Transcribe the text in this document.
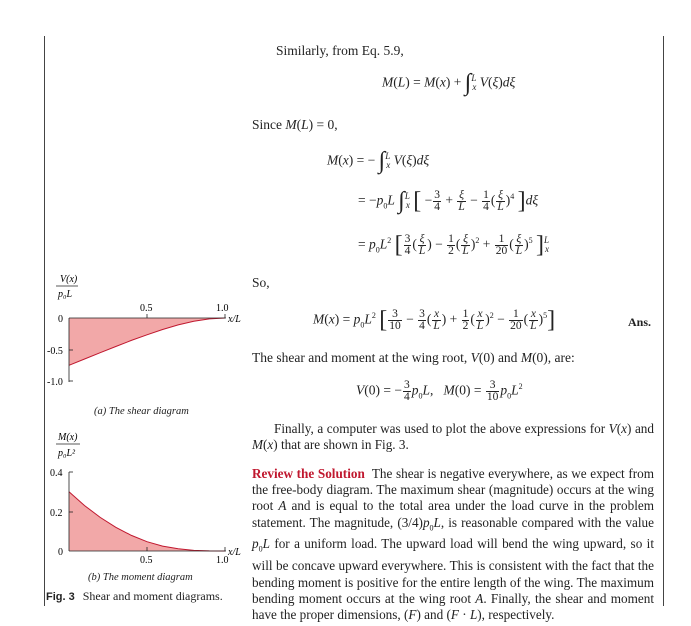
Similarly, from Eq. 5.9,
M(L) = M(x) + ∫$^L_x$ V(ξ)dξ
Since M(L) = 0,
M(x) = − ∫$^L_x$ V(ξ)dξ
= $-p_0L$ ∫$^L_x$ [ − $\frac{3}{4} + \frac{\xi}{L} - \frac{1}{4}$ ( $\frac{\xi}{L} )^4$ ]dξ
= $p_0L^2$ [ $\frac{3}{4}$ ( $\frac{\xi}{L}$ ) − $\frac{1}{2}$ ( $\frac{\xi}{L} )^2 + \frac{1}{20}$ ( $\frac{\xi}{L} )^5$ ]$^L_x$
So,
$M(x) = p_0L^2$ [ $\frac{3}{10} - \frac{3}{4}$ ( $\frac{x}{L}$ ) + $\frac{1}{2}$ ( $\frac{x}{L} )^2 - \frac{1}{20}$ ( $\frac{x}{L} )^5$]	Ans.
The shear and moment at the wing root, V(0) and M(0), are:
V(0) = − $\frac{3}{4} p_0L$,   $M(0) = \frac{3}{10} p_0L^2$
Finally, a computer was used to plot the above expressions for V(x) and M(x) that are shown in Fig. 3.
Review the Solution  The shear is negative everywhere, as we expect from the free-body diagram. The maximum shear (magnitude) occurs at the wing root A and is equal to the total area under the load curve in the problem statement. The magnitude, $(3/4)p_0L$, is reasonable compared with the value $p_0L$ for a uniform load. The upward load will bend the wing upward, so it will be concave upward everywhere. This is consistent with the fact that the bending moment is positive for the entire length of the wing. The maximum bending moment occurs at the wing root A. Finally, the shear and moment have the proper dimensions, (F) and (F · L), respectively.
V(x)
p₀L
0.5	1.0
x/L
0
-0.5
-1.0
(a) The shear diagram
M(x)
p₀L²
0.5	1.0
x/L
0.4
0.2
0
(b) The moment diagram
Fig. 3 Shear and moment diagrams.
